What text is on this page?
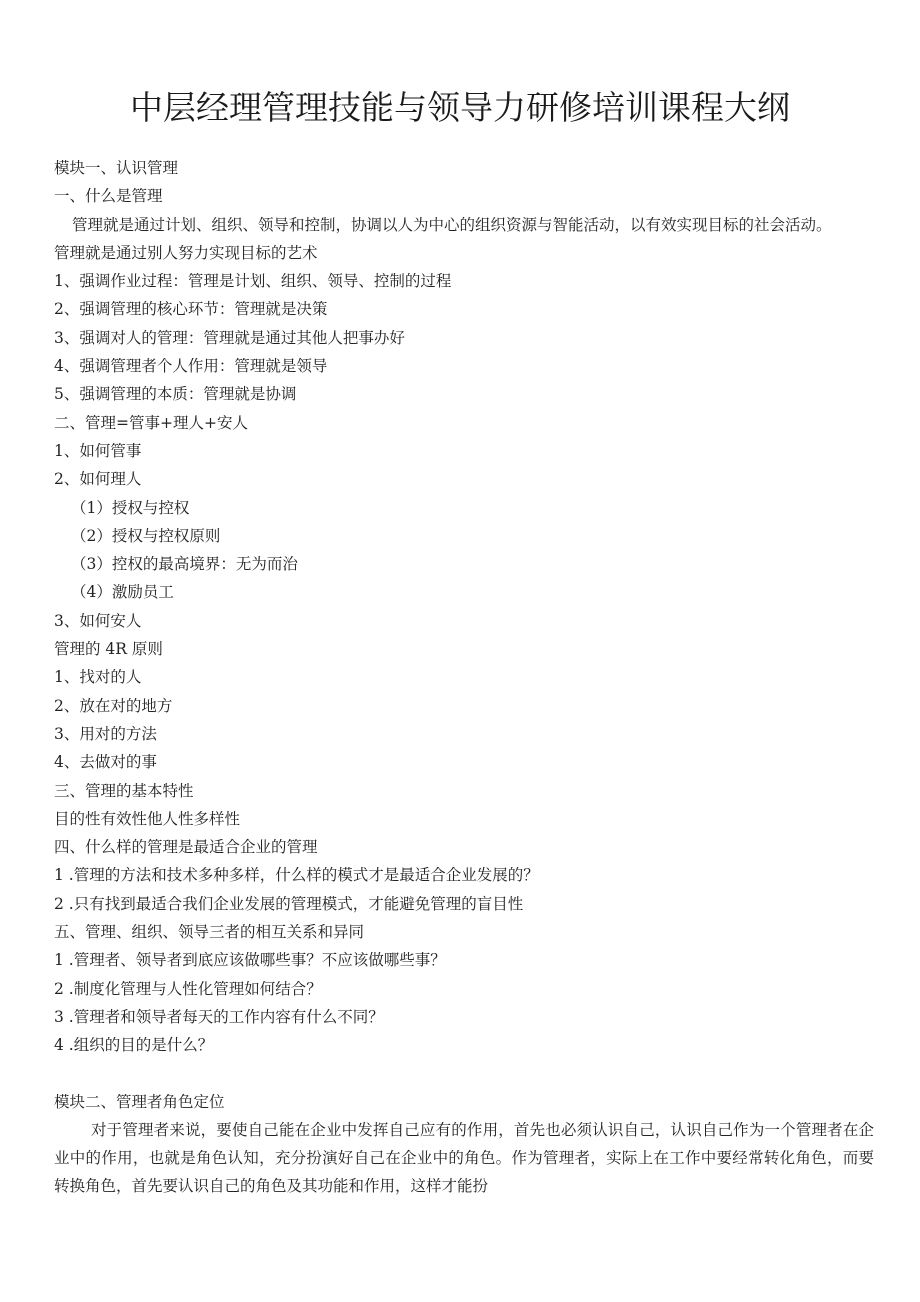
中层经理管理技能与领导力研修培训课程大纲
模块一、认识管理
一、什么是管理
管理就是通过计划、组织、领导和控制，协调以人为中心的组织资源与智能活动，以有效实现目标的社会活动。
管理就是通过别人努力实现目标的艺术
1、强调作业过程：管理是计划、组织、领导、控制的过程
2、强调管理的核心环节：管理就是决策
3、强调对人的管理：管理就是通过其他人把事办好
4、强调管理者个人作用：管理就是领导
5、强调管理的本质：管理就是协调
二、管理=管事+理人+安人
1、如何管事
2、如何理人
（1）授权与控权
（2）授权与控权原则
（3）控权的最高境界：无为而治
（4）激励员工
3、如何安人
管理的 4R 原则
1、找对的人
2、放在对的地方
3、用对的方法
4、去做对的事
三、管理的基本特性
目的性有效性他人性多样性
四、什么样的管理是最适合企业的管理
1 .管理的方法和技术多种多样，什么样的模式才是最适合企业发展的？
2 .只有找到最适合我们企业发展的管理模式，才能避免管理的盲目性
五、管理、组织、领导三者的相互关系和异同
1 .管理者、领导者到底应该做哪些事？不应该做哪些事？
2 .制度化管理与人性化管理如何结合？
3 .管理者和领导者每天的工作内容有什么不同？
4 .组织的目的是什么？
模块二、管理者角色定位
对于管理者来说，要使自己能在企业中发挥自己应有的作用，首先也必须认识自己，认识自己作为一个管理者在企业中的作用，也就是角色认知，充分扮演好自己在企业中的角色。作为管理者，实际上在工作中要经常转化角色，而要转换角色，首先要认识自己的角色及其功能和作用，这样才能扮
